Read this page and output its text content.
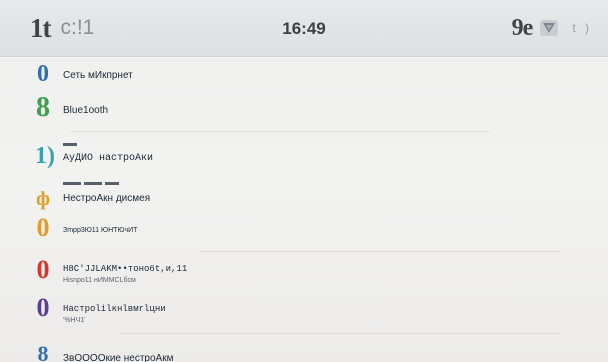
1t c:!1	16:49	9e	t )
0	Сеть мИкпрнет
8	Blue1ooth
1) АуДИО настроАки
ф	НестроАкн дисмея
0	Зmpp3Ю11 ЮНТЮчИТ
0	H8C'JJLAKM••тоно6t,и,11
Нisnpo11 нИММСLбсм
0	Настpolilкнlвмrlцни
'%НЧ1'
8	ЗвООООкие нестроАкм
